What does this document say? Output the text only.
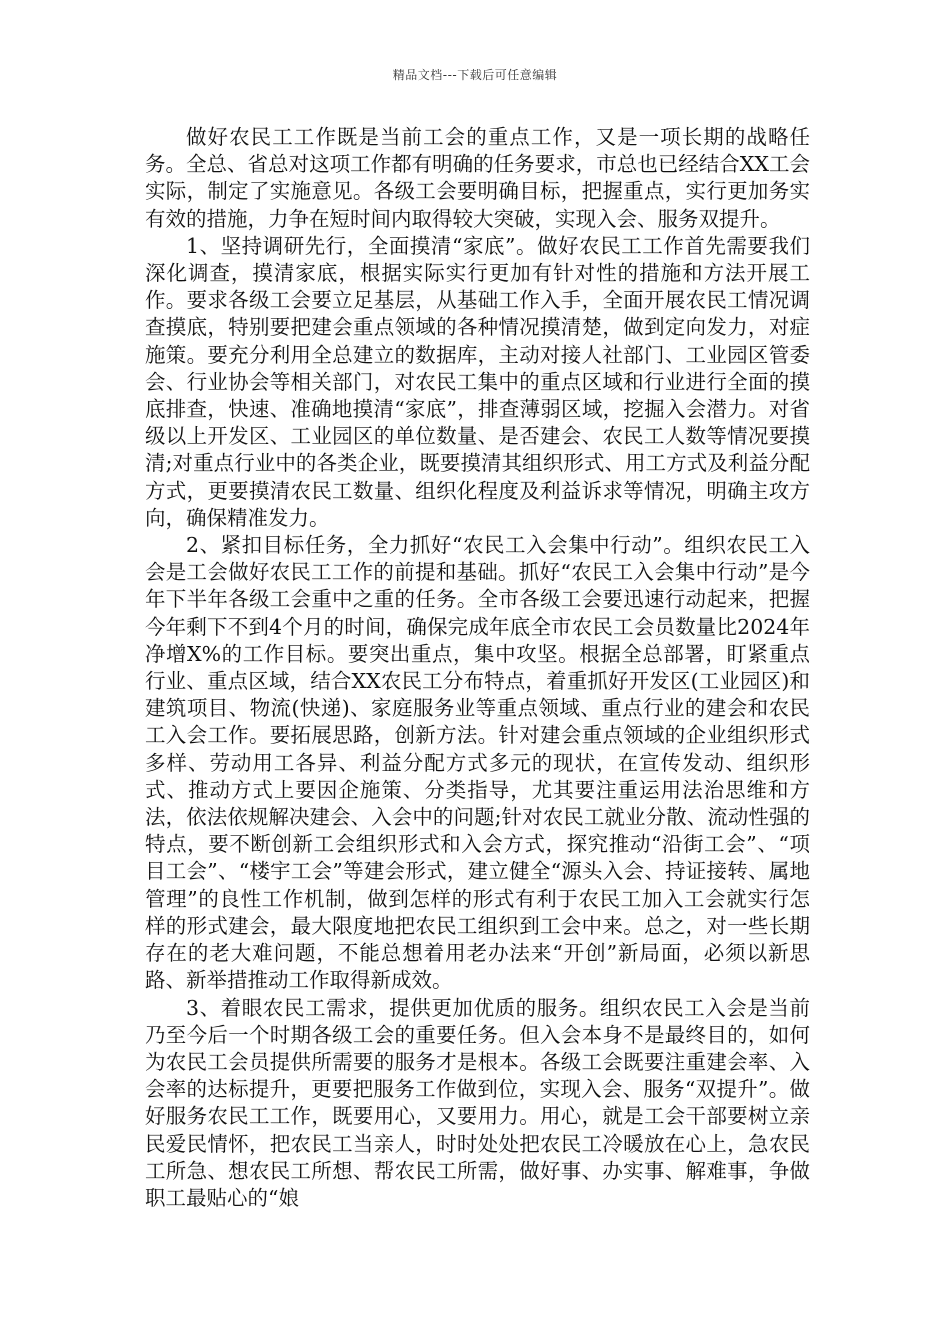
精品文档---下载后可任意编辑

做好农民工工作既是当前工会的重点工作，又是一项长期的战略任务。全总、省总对这项工作都有明确的任务要求，市总也已经结合XX工会实际，制定了实施意见。各级工会要明确目标，把握重点，实行更加务实有效的措施，力争在短时间内取得较大突破，实现入会、服务双提升。

1、坚持调研先行，全面摸清“家底”。做好农民工工作首先需要我们深化调查，摸清家底，根据实际实行更加有针对性的措施和方法开展工作。要求各级工会要立足基层，从基础工作入手，全面开展农民工情况调查摸底，特别要把建会重点领域的各种情况摸清楚，做到定向发力，对症施策。要充分利用全总建立的数据库，主动对接人社部门、工业园区管委会、行业协会等相关部门，对农民工集中的重点区域和行业进行全面的摸底排查，快速、准确地摸清“家底”，排查薄弱区域，挖掘入会潜力。对省级以上开发区、工业园区的单位数量、是否建会、农民工人数等情况要摸清;对重点行业中的各类企业，既要摸清其组织形式、用工方式及利益分配方式，更要摸清农民工数量、组织化程度及利益诉求等情况，明确主攻方向，确保精准发力。

2、紧扣目标任务，全力抓好“农民工入会集中行动”。组织农民工入会是工会做好农民工工作的前提和基础。抓好“农民工入会集中行动”是今年下半年各级工会重中之重的任务。全市各级工会要迅速行动起来，把握今年剩下不到4个月的时间，确保完成年底全市农民工会员数量比2024年净增X%的工作目标。要突出重点，集中攻坚。根据全总部署，盯紧重点行业、重点区域，结合XX农民工分布特点，着重抓好开发区(工业园区)和建筑项目、物流(快递)、家庭服务业等重点领域、重点行业的建会和农民工入会工作。要拓展思路，创新方法。针对建会重点领域的企业组织形式多样、劳动用工各异、利益分配方式多元的现状，在宣传发动、组织形式、推动方式上要因企施策、分类指导，尤其要注重运用法治思维和方法，依法依规解决建会、入会中的问题;针对农民工就业分散、流动性强的特点，要不断创新工会组织形式和入会方式，探究推动“沿街工会”、“项目工会”、“楼宇工会”等建会形式，建立健全“源头入会、持证接转、属地管理”的良性工作机制，做到怎样的形式有利于农民工加入工会就实行怎样的形式建会，最大限度地把农民工组织到工会中来。总之，对一些长期存在的老大难问题，不能总想着用老办法来“开创”新局面，必须以新思路、新举措推动工作取得新成效。

3、着眼农民工需求，提供更加优质的服务。组织农民工入会是当前乃至今后一个时期各级工会的重要任务。但入会本身不是最终目的，如何为农民工会员提供所需要的服务才是根本。各级工会既要注重建会率、入会率的达标提升，更要把服务工作做到位，实现入会、服务“双提升”。做好服务农民工工作，既要用心，又要用力。用心，就是工会干部要树立亲民爱民情怀，把农民工当亲人，时时处处把农民工冷暖放在心上，急农民工所急、想农民工所想、帮农民工所需，做好事、办实事、解难事，争做职工最贴心的“娘
